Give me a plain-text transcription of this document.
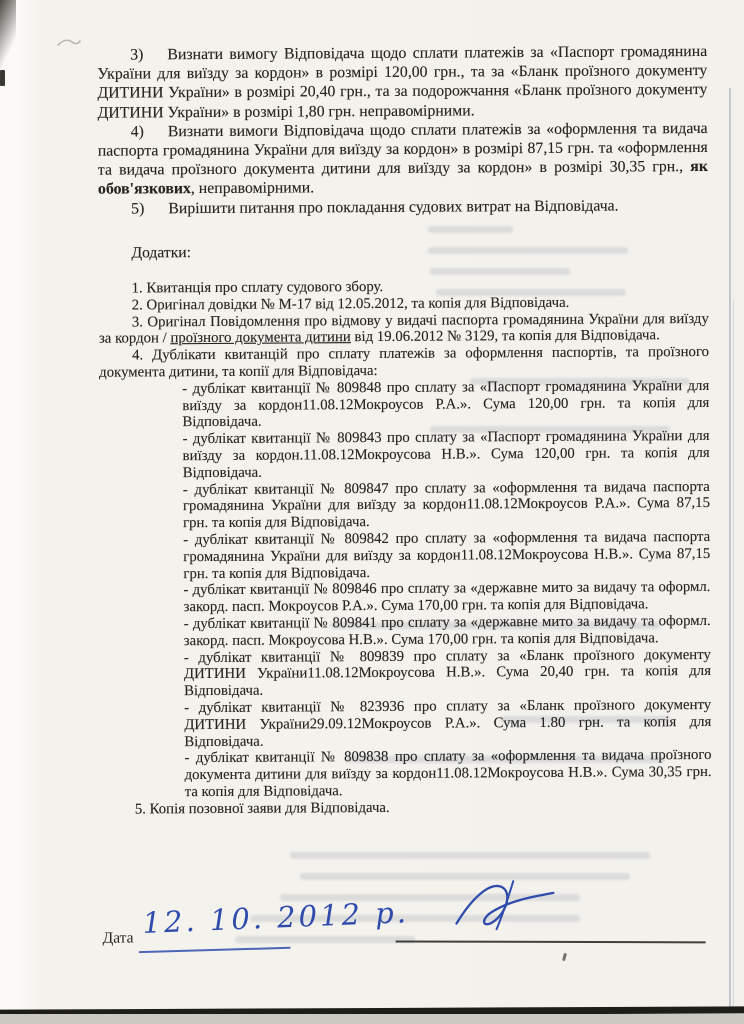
3) Визнати вимогу Відповідача щодо сплати платежів за «Паспорт громадянина України для виїзду за кордон» в розмірі 120,00 грн., та за «Бланк проїзного документу ДИТИНИ України» в розмірі 20,40 грн., та за подорожчання «Бланк проїзного документу ДИТИНИ України» в розмірі 1,80 грн. неправомірними.

4) Визнати вимоги Відповідача щодо сплати платежів за «оформлення та видача паспорта громадянина України для виїзду за кордон» в розмірі 87,15 грн. та «оформлення та видача проїзного документа дитини для виїзду за кордон» в розмірі 30,35 грн., як обов'язкових, неправомірними.

5) Вирішити питання про покладання судових витрат на Відповідача.

Додатки:

1. Квитанція про сплату судового збору.

2. Оригінал довідки № М-17 від 12.05.2012, та копія для Відповідача.

3. Оригінал Повідомлення про відмову у видачі паспорта громадянина України для виїзду за кордон / проїзного документа дитини від 19.06.2012 № 3129, та копія для Відповідача.

4. Дублікати квитанцій про сплату платежів за оформлення паспортів, та проїзного документа дитини, та копії для Відповідача:

- дублікат квитанції № 809848 про сплату за «Паспорт громадянина України для виїзду за кордон11.08.12Мокроусов Р.А.». Сума 120,00 грн. та копія для Відповідача.

- дублікат квитанції № 809843 про сплату за «Паспорт громадянина України для виїзду за кордон.11.08.12Мокроусова Н.В.». Сума 120,00 грн. та копія для Відповідача.

- дублікат квитанції № 809847 про сплату за «оформлення та видача паспорта громадянина України для виїзду за кордон11.08.12Мокроусов Р.А.». Сума 87,15 грн. та копія для Відповідача.

- дублікат квитанції № 809842 про сплату за «оформлення та видача паспорта громадянина України для виїзду за кордон11.08.12Мокроусова Н.В.». Сума 87,15 грн. та копія для Відповідача.

- дублікат квитанції № 809846 про сплату за «державне мито за видачу та оформл. закорд. пасп. Мокроусов Р.А.». Сума 170,00 грн. та копія для Відповідача.

- дублікат квитанції № 809841 про сплату за «державне мито за видачу та оформл. закорд. пасп. Мокроусова Н.В.». Сума 170,00 грн. та копія для Відповідача.

- дублікат квитанції № 809839 про сплату за «Бланк проїзного документу ДИТИНИ України11.08.12Мокроусова Н.В.». Сума 20,40 грн. та копія для Відповідача.

- дублікат квитанції № 823936 про сплату за «Бланк проїзного документу ДИТИНИ України29.09.12Мокроусов Р.А.». Сума 1.80 грн. та копія для Відповідача.

- дублікат квитанції № 809838 про сплату за «оформлення та видача проїзного документа дитини для виїзду за кордон11.08.12Мокроусова Н.В.». Сума 30,35 грн. та копія для Відповідача.

5. Копія позовної заяви для Відповідача.

Дата 12. 10. 2012 р.
